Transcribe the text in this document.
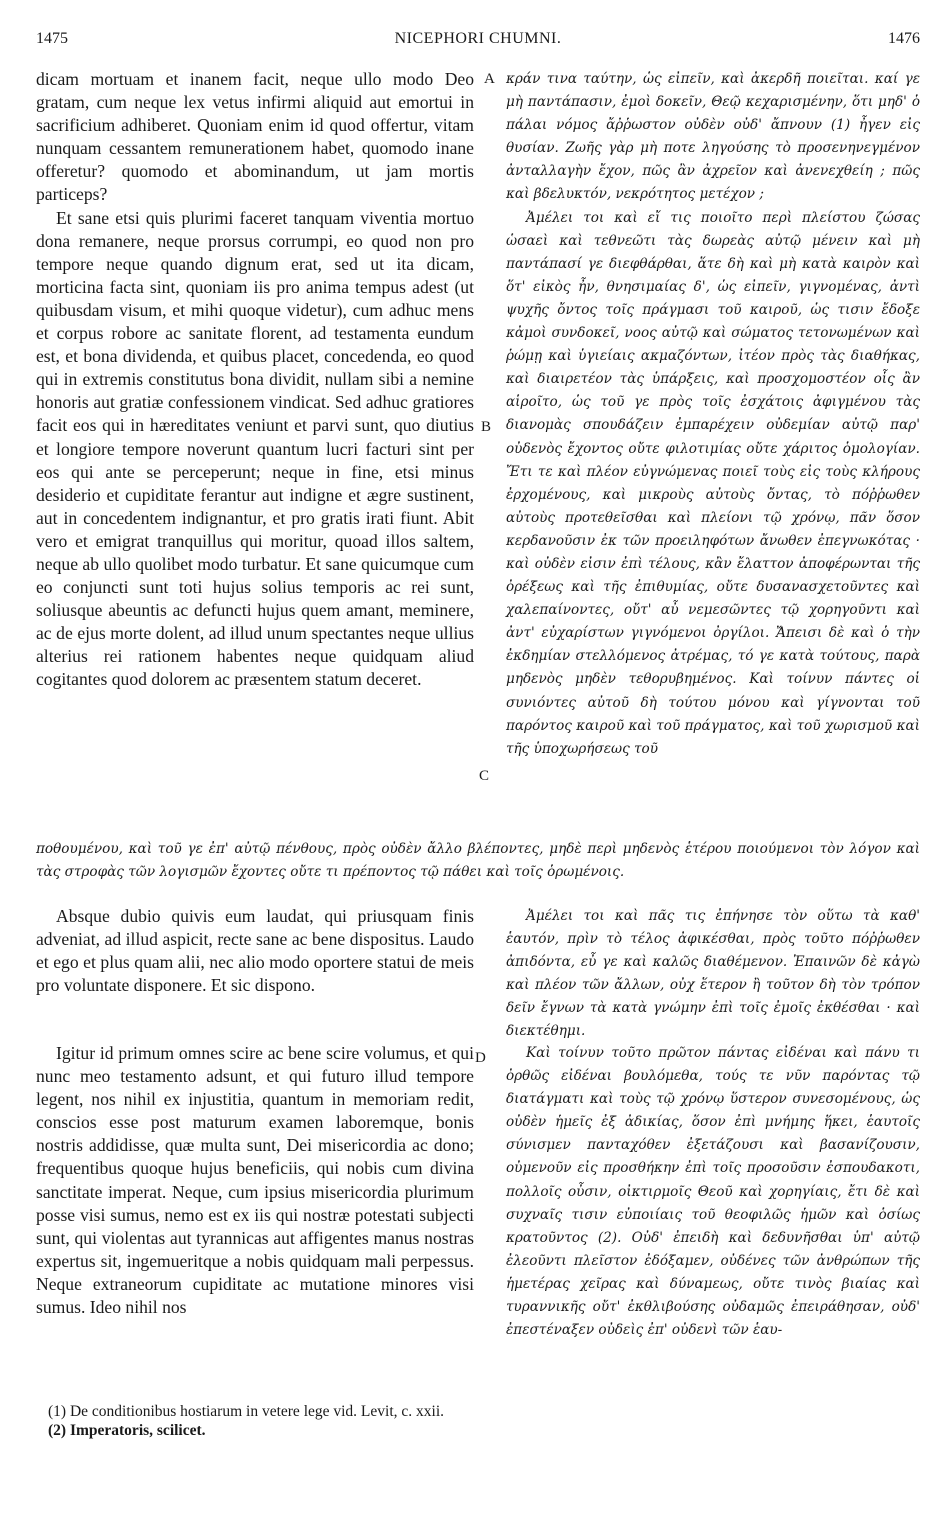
1475	NICEPHORI CHUMNI.	1476

dicam mortuam et inanem facit, neque ullo modo Deo gratam, cum neque lex vetus infirmi aliquid aut emortui in sacrificium adhiberet. Quoniam enim id quod offertur, vitam nunquam cessantem remunerationem habet, quomodo inane offeretur? quomodo et abominandum, ut jam mortis particeps?

Et sane etsi quis plurimi faceret tanquam viventia mortuo dona remanere, neque prorsus corrumpi, eo quod non pro tempore neque quando dignum erat, sed ut ita dicam, morticina facta sint, quoniam iis pro anima tempus adest (ut quibusdam visum, et mihi quoque videtur), cum adhuc mens et corpus robore ac sanitate florent, ad testamenta eundum est, et bona dividenda, et quibus placet, concedenda, eo quod qui in extremis constitutus bona dividit, nullam sibi a nemine honoris aut gratiæ confessionem vindicat. Sed adhuc gratiores facit eos qui in hæreditates veniunt et parvi sunt, quo diutius et longiore tempore noverunt quantum lucri facturi sint per eos qui ante se perceperunt; neque in fine, etsi minus desiderio et cupiditate ferantur aut indigne et ægre sustinent, aut in concedentem indignantur, et pro gratis irati fiunt. Abit vero et emigrat tranquillus qui moritur, quoad illos saltem, neque ab ullo quolibet modo turbatur. Et sane quicumque cum eo conjuncti sunt toti hujus solius temporis ac rei sunt, soliusque abeuntis ac defuncti hujus quem amant, meminere, ac de ejus morte dolent, ad illud unum spectantes neque ullius alterius rei rationem habentes neque quidquam aliud cogitantes quod dolorem ac præsentem statum deceret.

κράν τινα ταύτην, ὡς εἰπεῖν, καὶ ἀκερδῆ ποιεῖται. καί γε μὴ παντάπασιν, ἐμοὶ δοκεῖν, Θεῷ κεχαρισμένην, ὅτι μηδ' ὁ πάλαι νόμος ἄῤῥωστον οὐδὲν οὐδ' ἄπνουν (1) ἦγεν εἰς θυσίαν. Ζωῆς γὰρ μὴ ποτε ληγούσης τὸ προσενηνεγμένον ἀνταλλαγὴν ἔχον, πῶς ἂν ἀχρεῖον καὶ ἀνενεχθείη ; πῶς καὶ βδελυκτόν, νεκρότητος μετέχον ;

Ἀμέλει τοι καὶ εἴ τις ποιοῖτο περὶ πλείστου ζώσας ὡσαεὶ καὶ τεθνεῶτι τὰς δωρεὰς αὐτῷ μένειν καὶ μὴ παντάπασί γε διεφθάρθαι, ἅτε δὴ καὶ μὴ κατὰ καιρὸν καὶ ὅτ' εἰκὸς ἦν, θνησιμαίας δ', ὡς εἰπεῖν, γιγνομένας, ἀντὶ ψυχῆς ὄντος τοῖς πράγμασι τοῦ καιροῦ, ὡς τισιν ἔδοξε κἀμοὶ συνδοκεῖ, νοος αὐτῷ καὶ σώματος τετονωμένων καὶ ῥώμῃ καὶ ὑγιείαις ακμαζόντων, ἰτέον πρὸς τὰς διαθήκας, καὶ διαιρετέον τὰς ὑπάρξεις, καὶ προσχομοστέον οἷς ἂν αἱροῖτο, ὡς τοῦ γε πρὸς τοῖς ἐσχάτοις ἀφιγμένου τὰς διανομὰς σπουδάζειν ἐμπαρέχειν οὐδεμίαν αὐτῷ παρ' οὐδενὸς ἔχοντος οὔτε φιλοτιμίας οὔτε χάριτος ὁμολογίαν. Ἔτι τε καὶ πλέον εὐγνώμενας ποιεῖ τοὺς εἰς τοὺς κλήρους ἐρχομένους, καὶ μικροὺς αὐτοὺς ὄντας, τὸ πόῤῥωθεν αὐτοὺς προτεθεῖσθαι καὶ πλείονι τῷ χρόνῳ, πᾶν ὅσον κερδανοῦσιν ἐκ τῶν προειληφότων ἄνωθεν ἐπεγνωκότας · καὶ οὐδὲν εἰσιν ἐπὶ τέλους, κἂν ἔλαττον ἀποφέρωνται τῆς ὀρέξεως καὶ τῆς ἐπιθυμίας, οὔτε δυσανασχετοῦντες καὶ χαλεπαίνοντες, οὔτ' αὖ νεμεσῶντες τῷ χορηγοῦντι καὶ ἀντ' εὐχαρίστων γιγνόμενοι ὀργίλοι. Ἄπεισι δὲ καὶ ὁ τὴν ἐκδημίαν στελλόμενος ἀτρέμας, τό γε κατὰ τούτους, παρὰ μηδενὸς μηδὲν τεθορυβημένος. Καὶ τοίνυν πάντες οἱ συνιόντες αὐτοῦ δὴ τούτου μόνου καὶ γίγνονται τοῦ παρόντος καιροῦ καὶ τοῦ πράγματος, καὶ τοῦ χωρισμοῦ καὶ τῆς ὑποχωρήσεως τοῦ

A
B
C
D
ποθουμένου, καὶ τοῦ γε ἐπ' αὐτῷ πένθους, πρὸς οὐδὲν ἄλλο βλέποντες, μηδὲ περὶ μηδενὸς ἑτέρου ποιούμενοι τὸν λόγον καὶ τὰς στροφὰς τῶν λογισμῶν ἔχοντες οὔτε τι πρέποντος τῷ πάθει καὶ τοῖς ὁρωμένοις.

Absque dubio quivis eum laudat, qui priusquam finis adveniat, ad illud aspicit, recte sane ac bene dispositus. Laudo et ego et plus quam alii, nec alio modo oportere statui de meis pro voluntate disponere. Et sic dispono.

Ἀμέλει τοι καὶ πᾶς τις ἐπήνησε τὸν οὕτω τὰ καθ' ἑαυτόν, πρὶν τὸ τέλος ἀφικέσθαι, πρὸς τοῦτο πόῤῥωθεν ἀπιδόντα, εὖ γε καὶ καλῶς διαθέμενον. Ἐπαινῶν δὲ κἀγὼ καὶ πλέον τῶν ἄλλων, οὐχ ἕτερον ἢ τοῦτον δὴ τὸν τρόπον δεῖν ἔγνων τὰ κατὰ γνώμην ἐπὶ τοῖς ἐμοῖς ἐκθέσθαι · καὶ διεκτέθημι.

Igitur id primum omnes scire ac bene scire volumus, et qui nunc meo testamento adsunt, et qui futuro illud tempore legent, nos nihil ex injustitia, quantum in memoriam redit, conscios esse post maturum examen laboremque, bonis nostris addidisse, quæ multa sunt, Dei misericordia ac dono; frequentibus quoque hujus beneficiis, qui nobis cum divina sanctitate imperat. Neque, cum ipsius misericordia plurimum posse visi sumus, nemo est ex iis qui nostræ potestati subjecti sunt, qui violentas aut tyrannicas aut affigentes manus nostras expertus sit, ingemueritque a nobis quidquam mali perpessus. Neque extraneorum cupiditate ac mutatione minores visi sumus. Ideo nihil nos

Καὶ τοίνυν τοῦτο πρῶτον πάντας εἰδέναι καὶ πάνυ τι ὀρθῶς εἰδέναι βουλόμεθα, τούς τε νῦν παρόντας τῷ διατάγματι καὶ τοὺς τῷ χρόνῳ ὕστερον συνεσομένους, ὡς οὐδὲν ἡμεῖς ἐξ ἀδικίας, ὅσον ἐπὶ μνήμης ἥκει, ἑαυτοῖς σύνισμεν πανταχόθεν ἐξετάζουσι καὶ βασανίζουσιν, οὐμενοῦν εἰς προσθήκην ἐπὶ τοῖς προσοῦσιν ἐσπουδακοτι, πολλοῖς οὖσιν, οἰκτιρμοῖς Θεοῦ καὶ χορηγίαις, ἔτι δὲ καὶ συχναῖς τισιν εὐποιίαις τοῦ θεοφιλῶς ἡμῶν καὶ ὁσίως κρατοῦντος (2). Οὐδ' ἐπειδὴ καὶ δεδυνῆσθαι ὑπ' αὐτῷ ἐλεοῦντι πλεῖστον ἐδόξαμεν, οὐδένες τῶν ἀνθρώπων τῆς ἡμετέρας χεῖρας καὶ δύναμεως, οὔτε τινὸς βιαίας καὶ τυραννικῆς οὔτ' ἐκθλιβούσης οὐδαμῶς ἐπειράθησαν, οὐδ' ἐπεστέναξεν οὐδεὶς ἐπ' οὐδενὶ τῶν ἑαυ-

(1) De conditionibus hostiarum in vetere lege vid. Levit, c. xxii.
(2) Imperatoris, scilicet.
